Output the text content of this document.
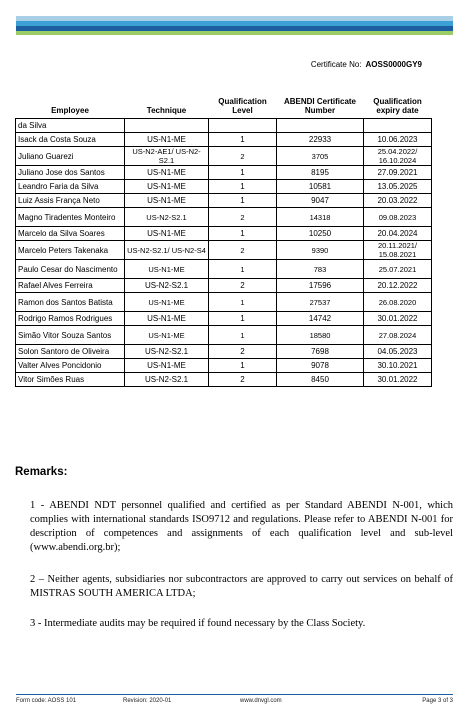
Certificate No: AOSS0000GY9
Employee	Technique	Qualification Level	ABENDI Certificate Number	Qualification expiry date
da Silva				
Isack da Costa Souza	US-N1-ME	1	22933	10.06.2023
Juliano Guarezi	US-N2-AE1/ US-N2-S2.1	2	3705	25.04.2022/ 16.10.2024
Juliano Jose dos Santos	US-N1-ME	1	8195	27.09.2021
Leandro Faria da Silva	US-N1-ME	1	10581	13.05.2025
Luiz Assis França Neto	US-N1-ME	1	9047	20.03.2022
Magno Tiradentes Monteiro	US-N2-S2.1	2	14318	09.08.2023
Marcelo da Silva Soares	US-N1-ME	1	10250	20.04.2024
Marcelo Peters Takenaka	US-N2-S2.1/ US-N2-S4	2	9390	20.11.2021/ 15.08.2021
Paulo Cesar do Nascimento	US-N1-ME	1	783	25.07.2021
Rafael Alves Ferreira	US-N2-S2.1	2	17596	20.12.2022
Ramon dos Santos Batista	US-N1-ME	1	27537	26.08.2020
Rodrigo Ramos Rodrigues	US-N1-ME	1	14742	30.01.2022
Simão Vitor Souza Santos	US-N1-ME	1	18580	27.08.2024
Solon Santoro de Oliveira	US-N2-S2.1	2	7698	04.05.2023
Valter Alves Poncidonio	US-N1-ME	1	9078	30.10.2021
Vitor Simões Ruas	US-N2-S2.1	2	8450	30.01.2022
Remarks:

1 - ABENDI NDT personnel qualified and certified as per Standard ABENDI N-001, which complies with international standards ISO9712 and regulations. Please refer to ABENDI N-001 for description of competences and assignments of each qualification level and sub-level (www.abendi.org.br);

2 – Neither agents, subsidiaries nor subcontractors are approved to carry out services on behalf of MISTRAS SOUTH AMERICA LTDA;

3 - Intermediate audits may be required if found necessary by the Class Society.

Form code: AOSS 101	Revision: 2020-01	www.dnvgl.com	Page 3 of 3
